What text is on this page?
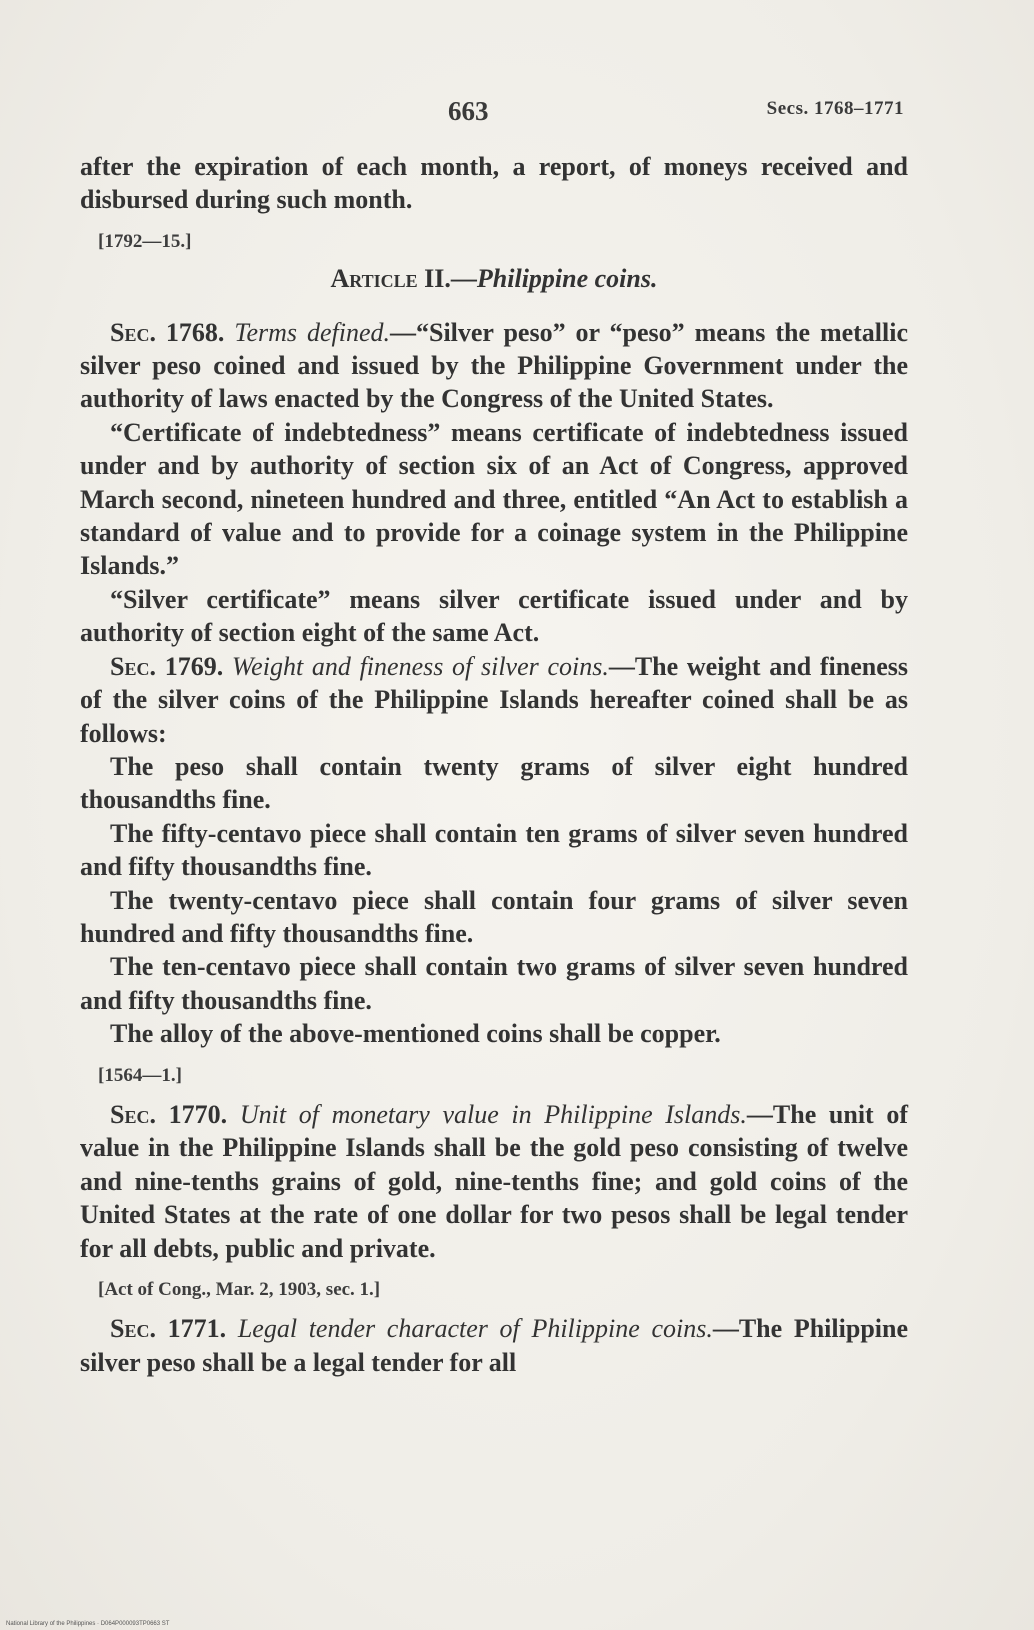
663	Secs. 1768–1771

after the expiration of each month, a report, of moneys received and disbursed during such month.

[1792—15.]

Article II.—Philippine coins.

Sec. 1768. Terms defined.—“Silver peso” or “peso” means the metallic silver peso coined and issued by the Philippine Government under the authority of laws enacted by the Congress of the United States.

“Certificate of indebtedness” means certificate of indebtedness issued under and by authority of section six of an Act of Congress, approved March second, nineteen hundred and three, entitled “An Act to establish a standard of value and to provide for a coinage system in the Philippine Islands.”

“Silver certificate” means silver certificate issued under and by authority of section eight of the same Act.

Sec. 1769. Weight and fineness of silver coins.—The weight and fineness of the silver coins of the Philippine Islands hereafter coined shall be as follows:

The peso shall contain twenty grams of silver eight hundred thousandths fine.

The fifty-centavo piece shall contain ten grams of silver seven hundred and fifty thousandths fine.

The twenty-centavo piece shall contain four grams of silver seven hundred and fifty thousandths fine.

The ten-centavo piece shall contain two grams of silver seven hundred and fifty thousandths fine.

The alloy of the above-mentioned coins shall be copper.

[1564—1.]

Sec. 1770. Unit of monetary value in Philippine Islands.—The unit of value in the Philippine Islands shall be the gold peso consisting of twelve and nine-tenths grains of gold, nine-tenths fine; and gold coins of the United States at the rate of one dollar for two pesos shall be legal tender for all debts, public and private.

[Act of Cong., Mar. 2, 1903, sec. 1.]

Sec. 1771. Legal tender character of Philippine coins.—The Philippine silver peso shall be a legal tender for all

National Library of the Philippines · D064P000093TP0663 ST
